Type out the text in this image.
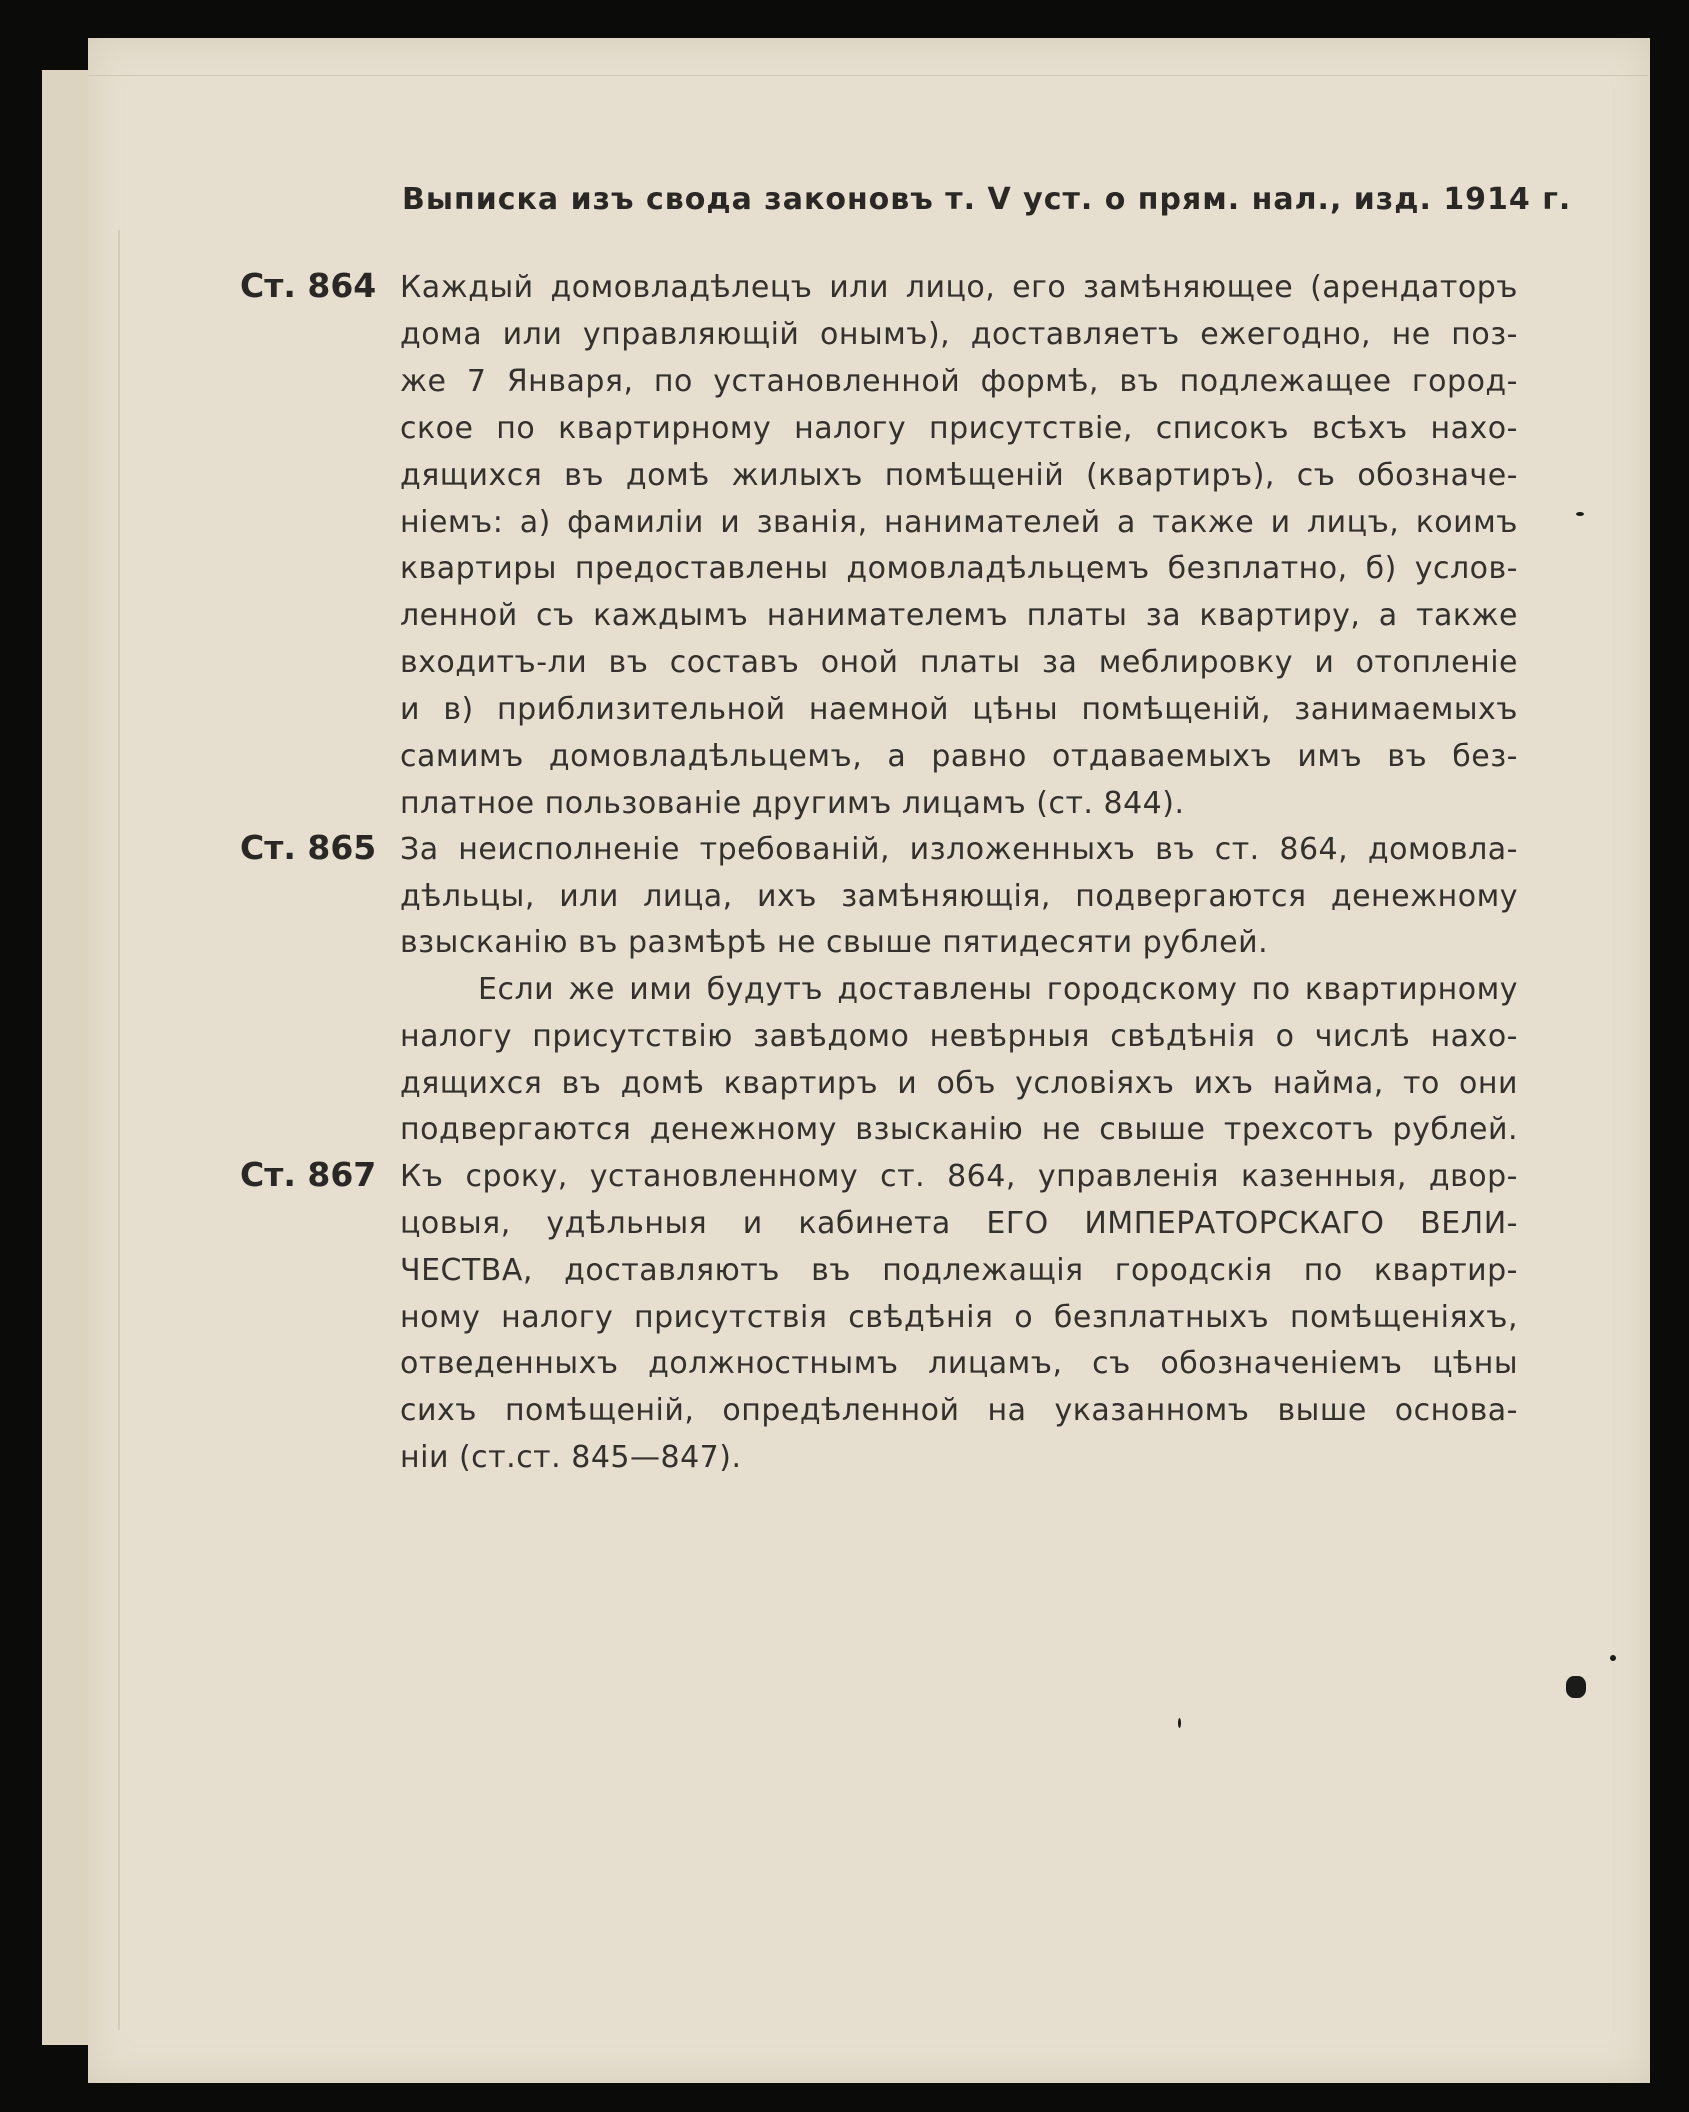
Выписка изъ свода законовъ т. V уст. о прям. нал., изд. 1914 г.
Ст. 864 Каждый домовладѣлецъ или лицо, его замѣняющее (арендаторъ
дома или управляющій онымъ), доставляетъ ежегодно, не поз-
же 7 Января, по установленной формѣ, въ подлежащее город-
ское по квартирному налогу присутствіе, списокъ всѣхъ нахо-
дящихся въ домѣ жилыхъ помѣщеній (квартиръ), съ обозначе-
ніемъ: а) фамиліи и званія, нанимателей а также и лицъ, коимъ
квартиры предоставлены домовладѣльцемъ безплатно, б) услов-
ленной съ каждымъ нанимателемъ платы за квартиру, а также
входитъ-ли въ составъ оной платы за мeблировку и отопленіе
и в) приблизительной наемной цѣны помѣщеній, занимаемыхъ
самимъ домовладѣльцемъ, а равно отдаваемыхъ имъ въ без-
платное пользованіе другимъ лицамъ (ст. 844).
Ст. 865 За неисполненіе требованій, изложенныхъ въ ст. 864, домовла-
дѣльцы, или лица, ихъ замѣняющія, подвергаются денежному
взысканію въ размѣрѣ не свыше пятидесяти рублей.
Если же ими будутъ доставлены городскому по квартирному
налогу присутствію завѣдомо невѣрныя свѣдѣнія о числѣ нахо-
дящихся въ домѣ квартиръ и объ условіяхъ ихъ найма, то они
подвергаются денежному взысканію не свыше трехсотъ рублей.
Ст. 867 Къ сроку, установленному ст. 864, управленія казенныя, двор-
цовыя, удѣльныя и кабинета ЕГО ИМПЕРАТОРСКАГО ВЕЛИ-
ЧЕСТВА, доставляютъ въ подлежащія городскія по квартир-
ному налогу присутствія свѣдѣнія о безплатныхъ помѣщеніяхъ,
отведенныхъ должностнымъ лицамъ, съ обозначеніемъ цѣны
сихъ помѣщеній, опредѣленной на указанномъ выше основа-
ніи (ст.ст. 845—847).
